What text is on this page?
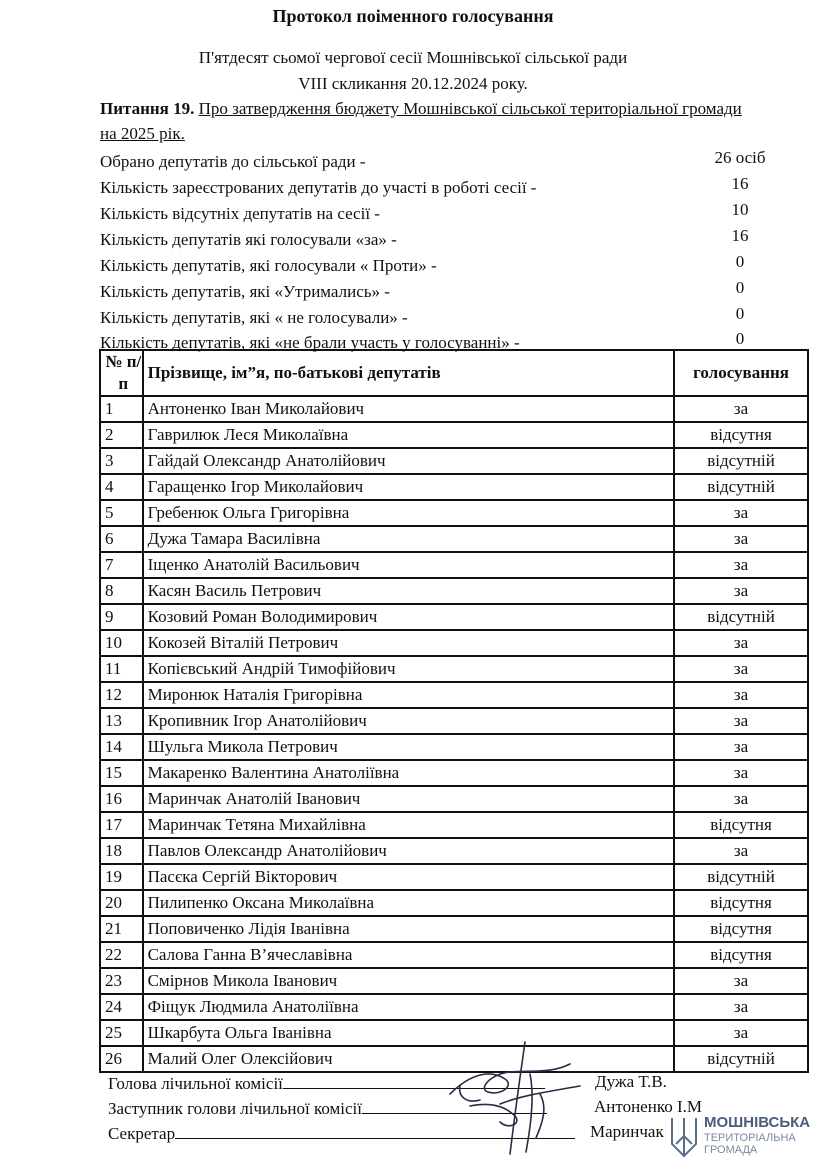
Протокол поіменного голосування
П'ятдесят сьомої чергової сесії Мошнівської сільської ради
VIII скликання 20.12.2024 року.
Питання 19. Про затвердження бюджету Мошнівської сільської територіальної громади
на 2025 рік.
Обрано депутатів до сільської ради -	26 осіб
Кількість зареєстрованих депутатів до участі в роботі сесії -	16
Кількість відсутніх депутатів на сесії -	10
Кількість депутатів які голосували «за» -	16
Кількість депутатів, які голосували « Проти» -	0
Кількість депутатів, які «Утримались» -	0
Кількість депутатів, які « не голосували» -	0
Кількість депутатів, які «не брали участь у голосуванні» -	0
№ п/п	Прізвище, ім”я, по-батькові депутатів	голосування
1	Антоненко Іван Миколайович	за
2	Гаврилюк Леся Миколаївна	відсутня
3	Гайдай Олександр Анатолійович	відсутній
4	Гаращенко Ігор Миколайович	відсутній
5	Гребенюк Ольга Григорівна	за
6	Дужа Тамара Василівна	за
7	Іщенко Анатолій Васильович	за
8	Касян Василь Петрович	за
9	Козовий Роман Володимирович	відсутній
10	Кокозей Віталій Петрович	за
11	Копієвський Андрій Тимофійович	за
12	Миронюк Наталія Григорівна	за
13	Кропивник Ігор Анатолійович	за
14	Шульга Микола Петрович	за
15	Макаренко Валентина Анатоліївна	за
16	Маринчак Анатолій Іванович	за
17	Маринчак Тетяна Михайлівна	відсутня
18	Павлов Олександр Анатолійович	за
19	Пасєка Сергій Вікторович	відсутній
20	Пилипенко Оксана Миколаївна	відсутня
21	Поповиченко Лідія Іванівна	відсутня
22	Салова Ганна В’ячеславівна	відсутня
23	Смірнов Микола Іванович	за
24	Фіщук Людмила Анатоліївна	за
25	Шкарбута Ольга Іванівна	за
26	Малий Олег Олексійович	відсутній
Голова лічильної комісії	Дужа Т.В.
Заступник голови лічильної комісії	Антоненко І.М
Секретар	Маринчак	МОШНІВСЬКА
ТЕРИТОРІАЛЬНА
ГРОМАДА
